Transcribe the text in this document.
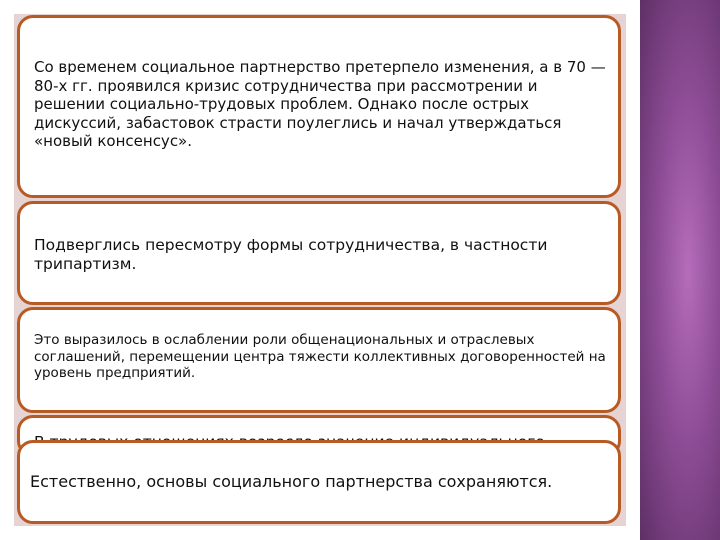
Со временем социальное партнерство претерпело изменения, а в 70 —80-х гг. проявился кризис сотрудничества при рассмотрении и решении социально-трудовых проблем. Однако после острых дискуссий, забастовок страсти поулеглись и начал утверждаться «новый консенсус».

Подверглись пересмотру формы сотрудничества, в частности трипартизм.

Это выразилось в ослаблении роли общенациональных и отраслевых соглашений, перемещении центра тяжести коллективных договоренностей на уровень предприятий.

Естественно, основы социального партнерства сохраняются.
